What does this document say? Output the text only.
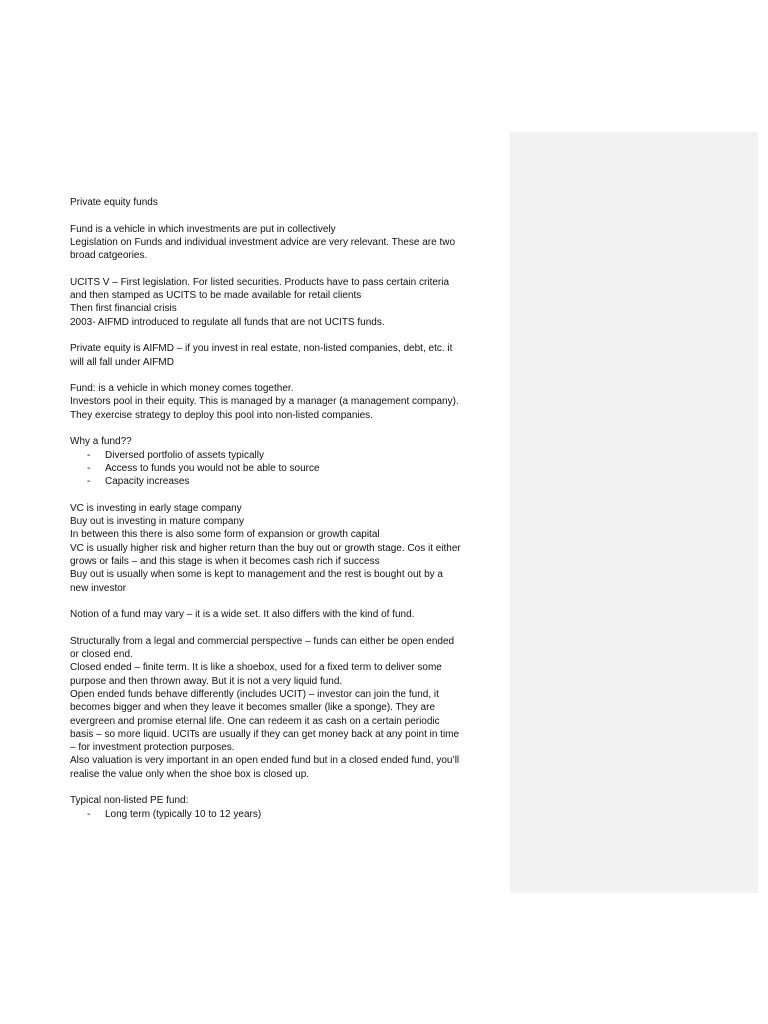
Private equity funds
Fund is a vehicle in which investments are put in collectively
Legislation on Funds and individual investment advice are very relevant. These are two
broad catgeories.
UCITS V – First legislation. For listed securities. Products have to pass certain criteria
and then stamped as UCITS to be made available for retail clients
Then first financial crisis
2003- AIFMD introduced to regulate all funds that are not UCITS funds.
Private equity is AIFMD – if you invest in real estate, non-listed companies, debt, etc. it
will all fall under AIFMD
Fund: is a vehicle in which money comes together.
Investors pool in their equity. This is managed by a manager (a management company).
They exercise strategy to deploy this pool into non-listed companies.
Why a fund??
- Diversed portfolio of assets typically
- Access to funds you would not be able to source
- Capacity increases
VC is investing in early stage company
Buy out is investing in mature company
In between this there is also some form of expansion or growth capital
VC is usually higher risk and higher return than the buy out or growth stage. Cos it either
grows or fails – and this stage is when it becomes cash rich if success
Buy out is usually when some is kept to management and the rest is bought out by a
new investor
Notion of a fund may vary – it is a wide set. It also differs with the kind of fund.
Structurally from a legal and commercial perspective – funds can either be open ended
or closed end.
Closed ended – finite term. It is like a shoebox, used for a fixed term to deliver some
purpose and then thrown away. But it is not a very liquid fund.
Open ended funds behave differently (includes UCIT) – investor can join the fund, it
becomes bigger and when they leave it becomes smaller (like a sponge). They are
evergreen and promise eternal life. One can redeem it as cash on a certain periodic
basis – so more liquid. UCITs are usually if they can get money back at any point in time
– for investment protection purposes.
Also valuation is very important in an open ended fund but in a closed ended fund, you’ll
realise the value only when the shoe box is closed up.
Typical non-listed PE fund:
- Long term (typically 10 to 12 years)
